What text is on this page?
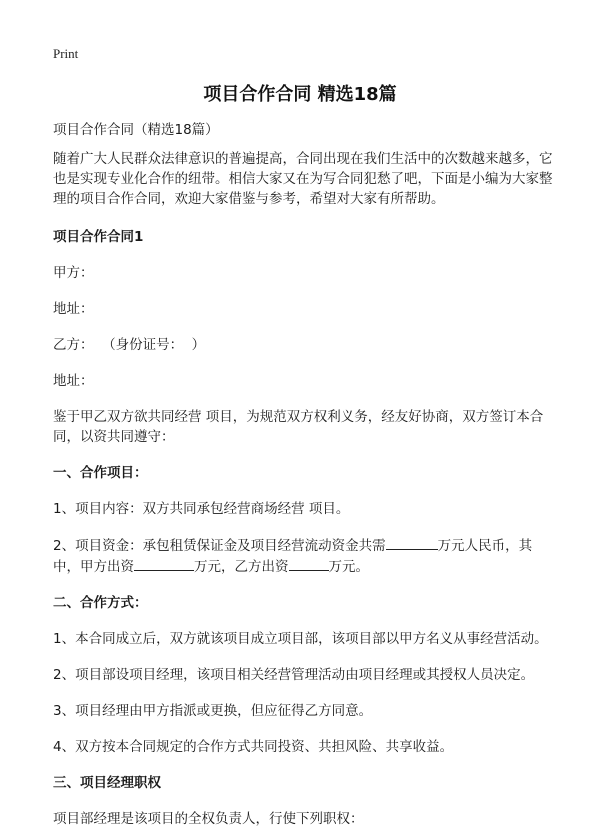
Print
项目合作合同 精选18篇

项目合作合同（精选18篇）

随着广大人民群众法律意识的普遍提高，合同出现在我们生活中的次数越来越多，它也是实现专业化合作的纽带。相信大家又在为写合同犯愁了吧，下面是小编为大家整理的项目合作合同，欢迎大家借鉴与参考，希望对大家有所帮助。

项目合作合同1

甲方：

地址：

乙方：  （身份证号：  ）

地址：

鉴于甲乙双方欲共同经营 项目，为规范双方权利义务，经友好协商，双方签订本合同，以资共同遵守：

一、合作项目：

1、项目内容：双方共同承包经营商场经营 项目。

2、项目资金：承包租赁保证金及项目经营流动资金共需	万元人民币，其中，甲方出资	万元，乙方出资	万元。

二、合作方式：

1、本合同成立后，双方就该项目成立项目部，该项目部以甲方名义从事经营活动。

2、项目部设项目经理，该项目相关经营管理活动由项目经理或其授权人员决定。

3、项目经理由甲方指派或更换，但应征得乙方同意。

4、双方按本合同规定的合作方式共同投资、共担风险、共享收益。

三、项目经理职权

项目部经理是该项目的全权负责人，行使下列职权：
